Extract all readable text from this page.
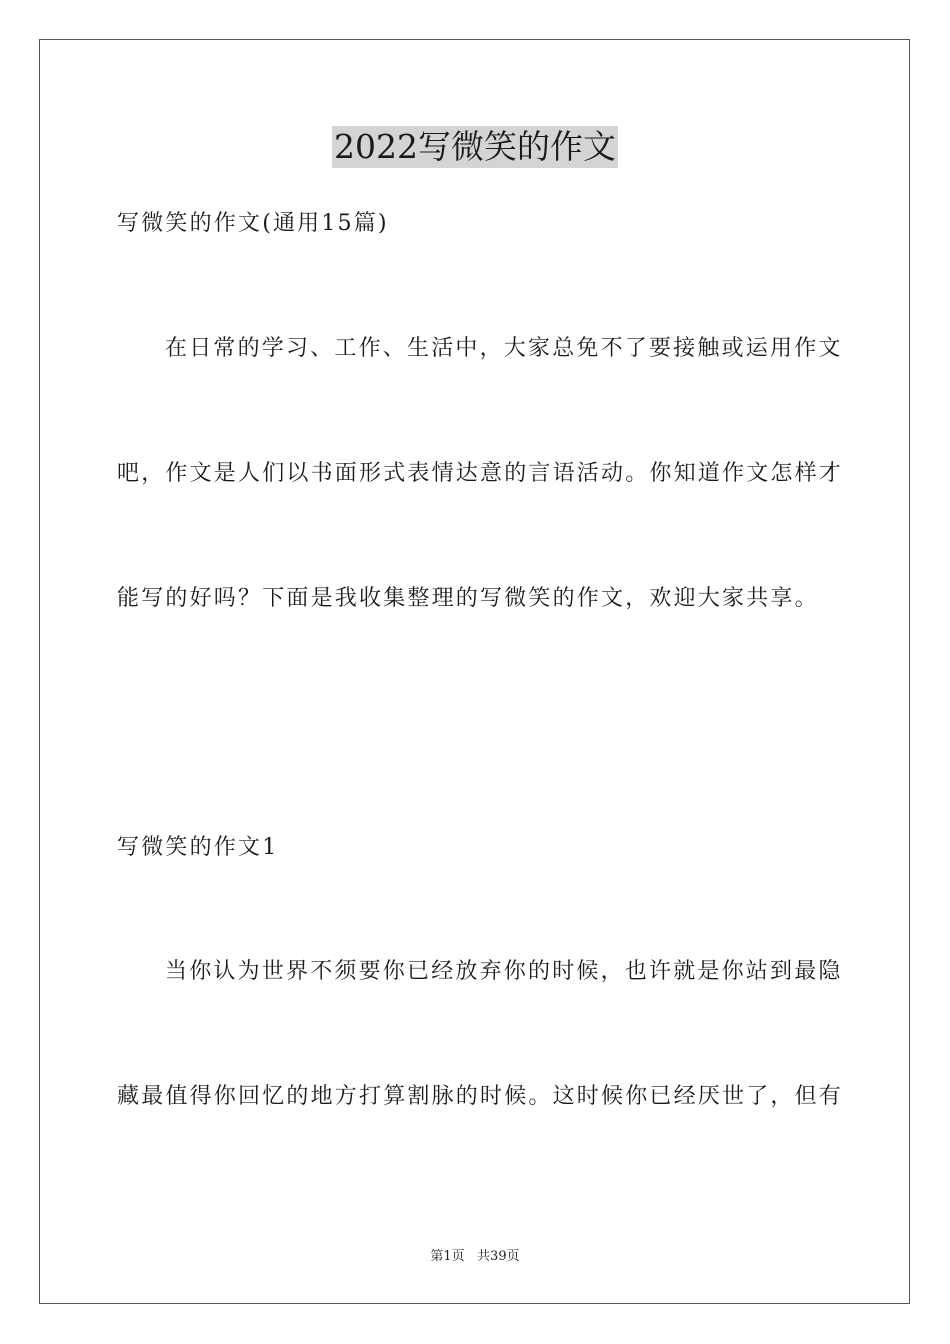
2022写微笑的作文
写微笑的作文(通用15篇)
在日常的学习、工作、生活中，大家总免不了要接触或运用作文
吧，作文是人们以书面形式表情达意的言语活动。你知道作文怎样才
能写的好吗？下面是我收集整理的写微笑的作文，欢迎大家共享。
写微笑的作文1
当你认为世界不须要你已经放弃你的时候，也许就是你站到最隐
藏最值得你回忆的地方打算割脉的时候。这时候你已经厌世了，但有
第1页   共39页
